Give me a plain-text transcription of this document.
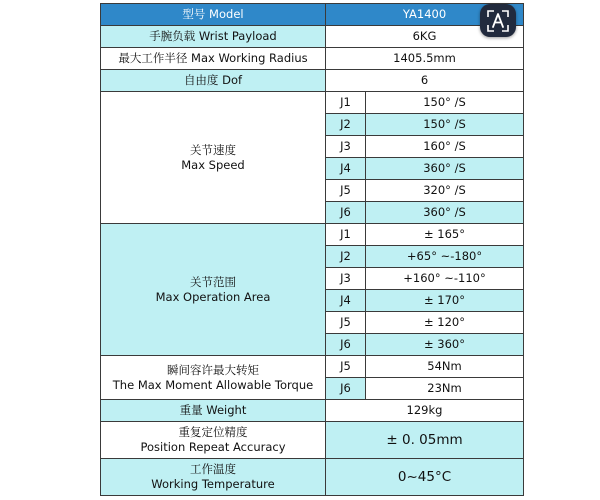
型号 Model	YA1400	
手腕负载 Wrist Payload	6KG	
最大工作半径 Max Working Radius	1405.5mm	
自由度 Dof	6	

关节速度
Max Speed	J1	150° /S
	J2	150° /S
	J3	160° /S
	J4	360° /S
	J5	320° /S
	J6	360° /S

关节范围
Max Operation Area	J1	± 165°
	J2	+65° ~-180°
	J3	+160° ~-110°
	J4	± 170°
	J5	± 120°
	J6	± 360°

瞬间容许最大转矩
The Max Moment Allowable Torque	J5	54Nm
	J6	23Nm
重量 Weight	129kg	

重复定位精度
Position Repeat Accuracy	± 0. 05mm	

工作温度
Working Temperature	0~45°C	
